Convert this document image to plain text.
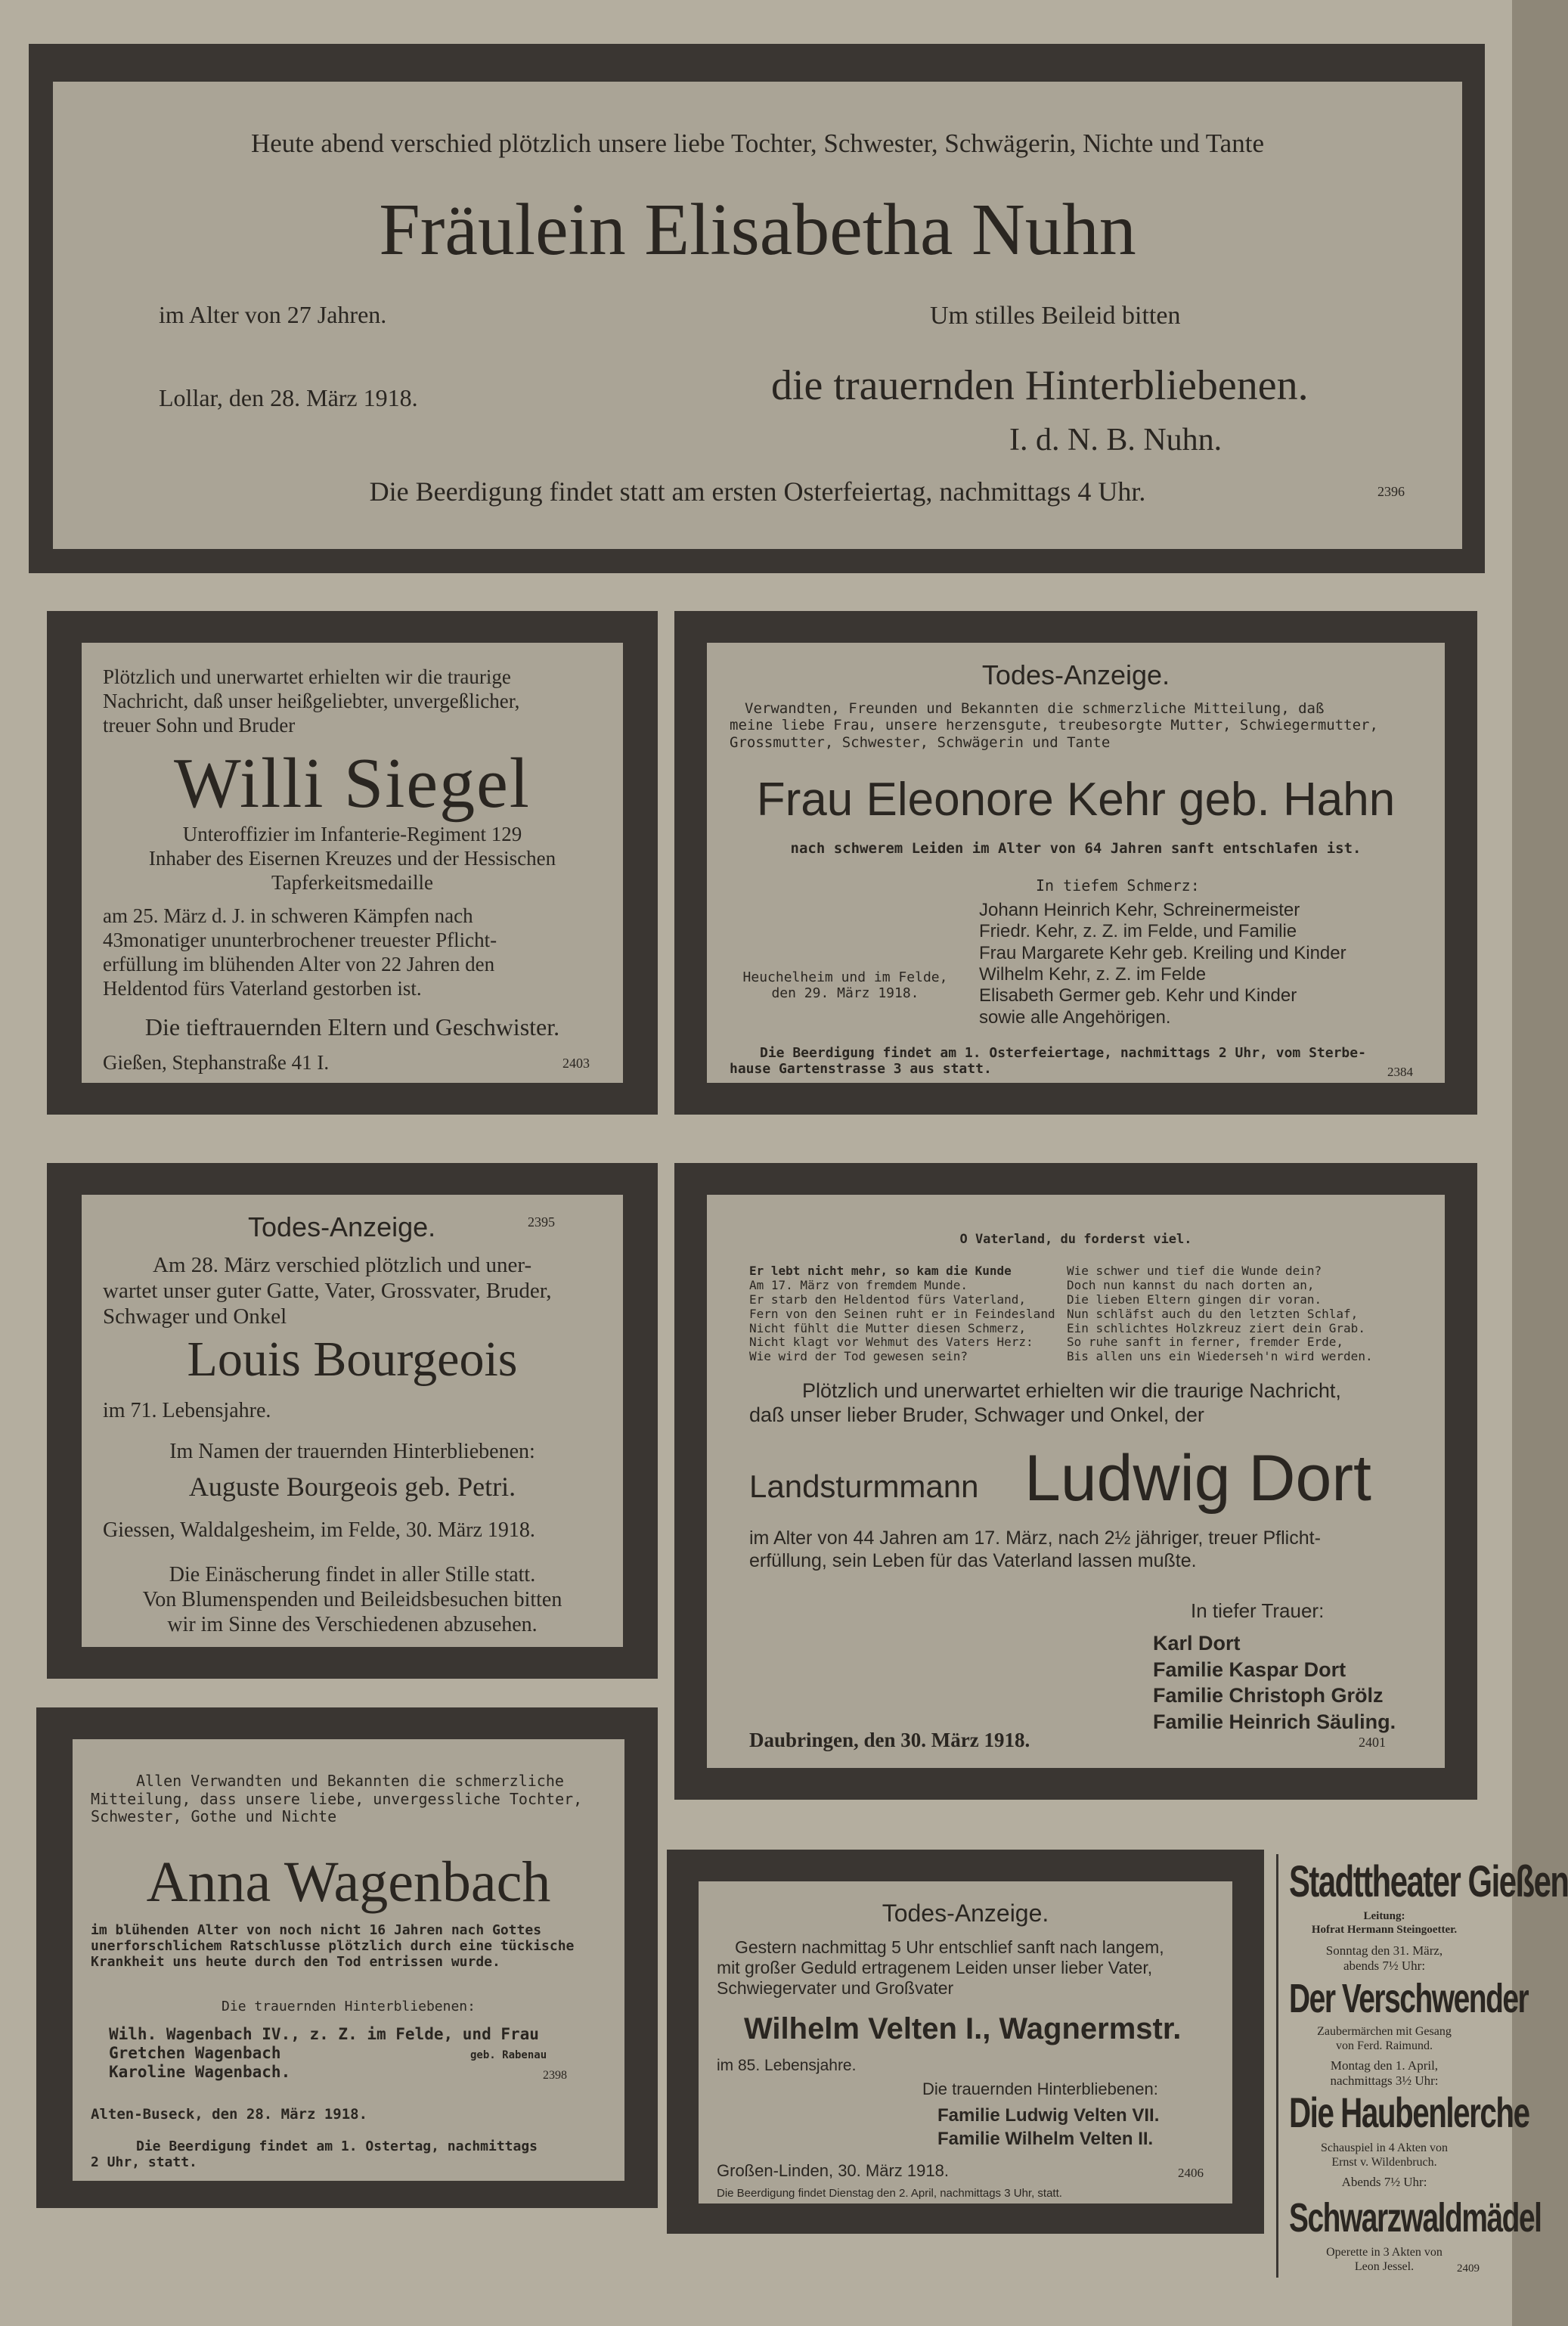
Heute abend verschied plötzlich unsere liebe Tochter, Schwester, Schwägerin, Nichte und Tante
Fräulein Elisabetha Nuhn
im Alter von 27 Jahren.
Lollar, den 28. März 1918.
Um stilles Beileid bitten
die trauernden Hinterbliebenen.
I. d. N. B. Nuhn.
Die Beerdigung findet statt am ersten Osterfeiertag, nachmittags 4 Uhr.	2396
Plötzlich und unerwartet erhielten wir die traurige
Nachricht, daß unser heißgeliebter, unvergeßlicher,
treuer Sohn und Bruder
Willi Siegel
Unteroffizier im Infanterie-Regiment 129
Inhaber des Eisernen Kreuzes und der Hessischen
Tapferkeitsmedaille
am 25. März d. J. in schweren Kämpfen nach
43monatiger ununterbrochener treuester Pflicht-
erfüllung im blühenden Alter von 22 Jahren den
Heldentod fürs Vaterland gestorben ist.
Die tieftrauernden Eltern und Geschwister.
Gießen, Stephanstraße 41 I.	2403
Todes-Anzeige.
Verwandten, Freunden und Bekannten die schmerzliche Mitteilung, daß
meine liebe Frau, unsere herzensgute, treubesorgte Mutter, Schwiegermutter,
Grossmutter, Schwester, Schwägerin und Tante
Frau Eleonore Kehr geb. Hahn
nach schwerem Leiden im Alter von 64 Jahren sanft entschlafen ist.
In tiefem Schmerz:
Johann Heinrich Kehr, Schreinermeister
Friedr. Kehr, z. Z. im Felde, und Familie
Frau Margarete Kehr geb. Kreiling und Kinder
Wilhelm Kehr, z. Z. im Felde
Elisabeth Germer geb. Kehr und Kinder
sowie alle Angehörigen.
Heuchelheim und im Felde,
den 29. März 1918.
Die Beerdigung findet am 1. Osterfeiertage, nachmittags 2 Uhr, vom Sterbe-
hause Gartenstrasse 3 aus statt.	2384
Todes-Anzeige.	2395
Am 28. März verschied plötzlich und uner-
wartet unser guter Gatte, Vater, Grossvater, Bruder,
Schwager und Onkel
Louis Bourgeois
im 71. Lebensjahre.
Im Namen der trauernden Hinterbliebenen:
Auguste Bourgeois geb. Petri.
Giessen, Waldalgesheim, im Felde, 30. März 1918.
Die Einäscherung findet in aller Stille statt.
Von Blumenspenden und Beileidsbesuchen bitten
wir im Sinne des Verschiedenen abzusehen.
O Vaterland, du forderst viel.
Er lebt nicht mehr, so kam die Kunde
Am 17. März von fremdem Munde.
Er starb den Heldentod fürs Vaterland,
Fern von den Seinen ruht er in Feindesland
Nicht fühlt die Mutter diesen Schmerz,
Nicht klagt vor Wehmut des Vaters Herz:
Wie wird der Tod gewesen sein?
Wie schwer und tief die Wunde dein?
Doch nun kannst du nach dorten an,
Die lieben Eltern gingen dir voran.
Nun schläfst auch du den letzten Schlaf,
Ein schlichtes Holzkreuz ziert dein Grab.
So ruhe sanft in ferner, fremder Erde,
Bis allen uns ein Wiederseh'n wird werden.
Plötzlich und unerwartet erhielten wir die traurige Nachricht,
daß unser lieber Bruder, Schwager und Onkel, der
Landsturmmann Ludwig Dort
im Alter von 44 Jahren am 17. März, nach 2½ jähriger, treuer Pflicht-
erfüllung, sein Leben für das Vaterland lassen mußte.
In tiefer Trauer:
Karl Dort
Familie Kaspar Dort
Familie Christoph Grölz
Familie Heinrich Säuling.
Daubringen, den 30. März 1918.	2401
Allen Verwandten und Bekannten die schmerzliche
Mitteilung, dass unsere liebe, unvergessliche Tochter,
Schwester, Gothe und Nichte
Anna Wagenbach
im blühenden Alter von noch nicht 16 Jahren nach Gottes
unerforschlichem Ratschlusse plötzlich durch eine tückische
Krankheit uns heute durch den Tod entrissen wurde.
Die trauernden Hinterbliebenen:
Wilh. Wagenbach IV., z. Z. im Felde, und Frau
Gretchen Wagenbach
Karoline Wagenbach.
geb. Rabenau
2398
Alten-Buseck, den 28. März 1918.
Die Beerdigung findet am 1. Ostertag, nachmittags
2 Uhr, statt.
Todes-Anzeige.
Gestern nachmittag 5 Uhr entschlief sanft nach langem,
mit großer Geduld ertragenem Leiden unser lieber Vater,
Schwiegervater und Großvater
Wilhelm Velten I., Wagnermstr.
im 85. Lebensjahre.
Die trauernden Hinterbliebenen:
Familie Ludwig Velten VII.
Familie Wilhelm Velten II.
Großen-Linden, 30. März 1918.	2406
Die Beerdigung findet Dienstag den 2. April, nachmittags 3 Uhr, statt.
Stadttheater Gießen
Leitung:
Hofrat Hermann Steingoetter.
Sonntag den 31. März,
abends 7½ Uhr:
Der Verschwender
Zaubermärchen mit Gesang
von Ferd. Raimund.
Montag den 1. April,
nachmittags 3½ Uhr:
Die Haubenlerche
Schauspiel in 4 Akten von
Ernst v. Wildenbruch.
Abends 7½ Uhr:
Schwarzwaldmädel
Operette in 3 Akten von
Leon Jessel.	2409
